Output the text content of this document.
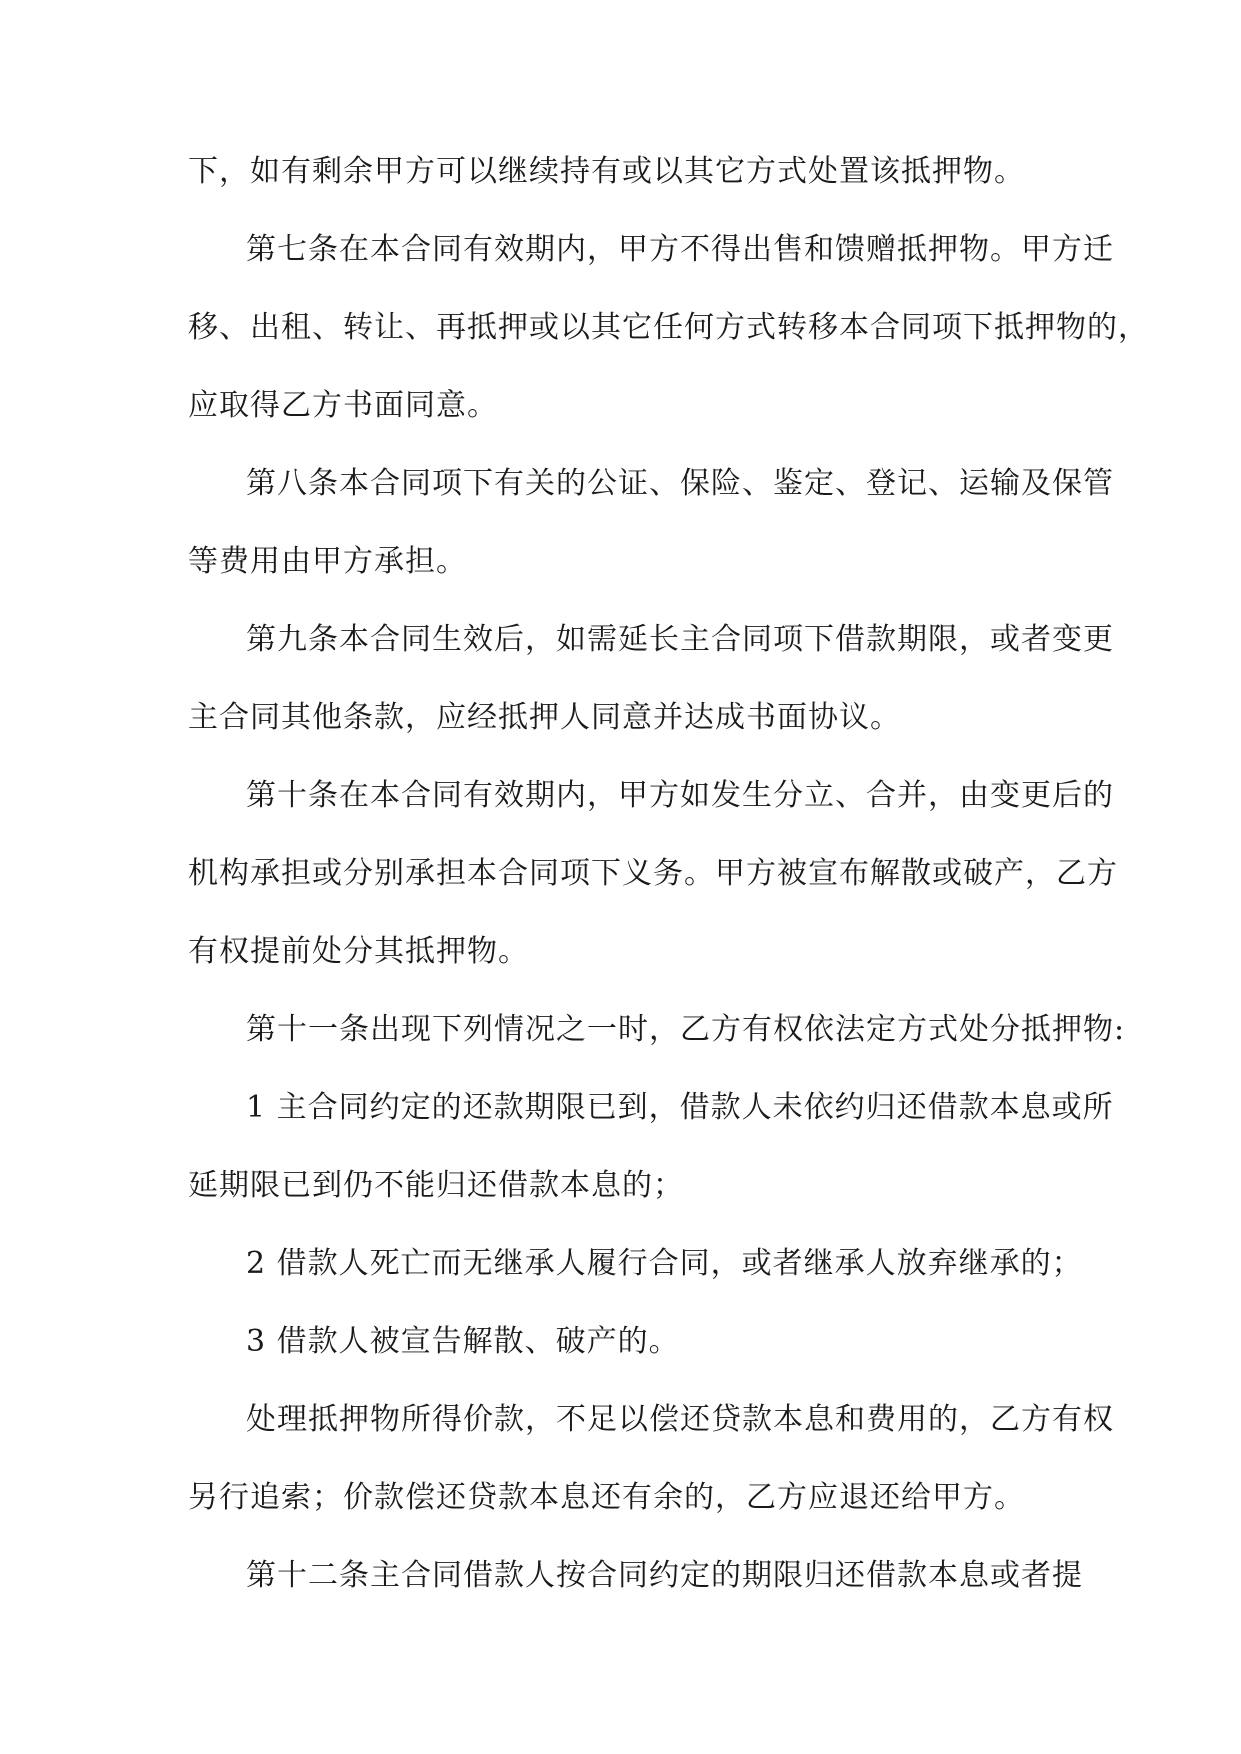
下，如有剩余甲方可以继续持有或以其它方式处置该抵押物。
第七条在本合同有效期内，甲方不得出售和馈赠抵押物。甲方迁
移、出租、转让、再抵押或以其它任何方式转移本合同项下抵押物的，
应取得乙方书面同意。
第八条本合同项下有关的公证、保险、鉴定、登记、运输及保管
等费用由甲方承担。
第九条本合同生效后，如需延长主合同项下借款期限，或者变更
主合同其他条款，应经抵押人同意并达成书面协议。
第十条在本合同有效期内，甲方如发生分立、合并，由变更后的
机构承担或分别承担本合同项下义务。甲方被宣布解散或破产，乙方
有权提前处分其抵押物。
第十一条出现下列情况之一时，乙方有权依法定方式处分抵押物:
1 主合同约定的还款期限已到，借款人未依约归还借款本息或所
延期限已到仍不能归还借款本息的；
2 借款人死亡而无继承人履行合同，或者继承人放弃继承的；
3 借款人被宣告解散、破产的。
处理抵押物所得价款，不足以偿还贷款本息和费用的，乙方有权
另行追索；价款偿还贷款本息还有余的，乙方应退还给甲方。
第十二条主合同借款人按合同约定的期限归还借款本息或者提
